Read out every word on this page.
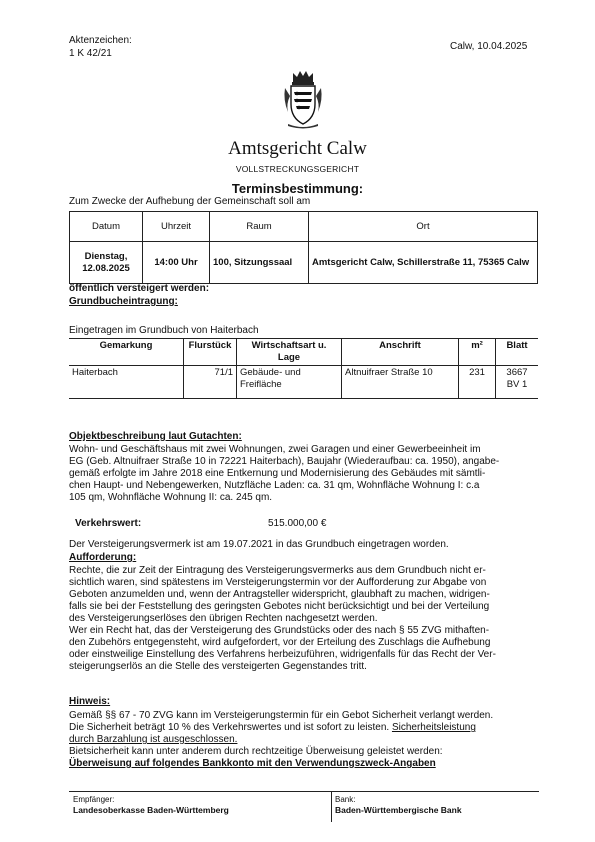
Aktenzeichen:
1 K 42/21
Calw, 10.04.2025
Amtsgericht Calw
VOLLSTRECKUNGSGERICHT
Terminsbestimmung:
Zum Zwecke der Aufhebung der Gemeinschaft soll am
Datum	Uhrzeit	Raum	Ort
Dienstag, 12.08.2025	14:00 Uhr	100, Sitzungssaal	Amtsgericht Calw, Schillerstraße 11, 75365 Calw
öffentlich versteigert werden:
Grundbucheintragung:
Eingetragen im Grundbuch von Haiterbach
Gemarkung	Flurstück	Wirtschaftsart u. Lage	Anschrift	m²	Blatt
Haiterbach	71/1	Gebäude- und Freifläche	Altnuifraer Straße 10	231	3667 BV 1
Objektbeschreibung laut Gutachten:
Wohn- und Geschäftshaus mit zwei Wohnungen, zwei Garagen und einer Gewerbeeinheit im
EG (Geb. Altnuifraer Straße 10 in 72221 Haiterbach), Baujahr (Wiederaufbau: ca. 1950), angabe-
gemäß erfolgte im Jahre 2018 eine Entkernung und Modernisierung des Gebäudes mit sämtli-
chen Haupt- und Nebengewerken, Nutzfläche Laden: ca. 31 qm, Wohnfläche Wohnung I: c.a
105 qm, Wohnfläche Wohnung II: ca. 245 qm.
Verkehrswert:	515.000,00 €
Der Versteigerungsvermerk ist am 19.07.2021 in das Grundbuch eingetragen worden.
Aufforderung:
Rechte, die zur Zeit der Eintragung des Versteigerungsvermerks aus dem Grundbuch nicht er-
sichtlich waren, sind spätestens im Versteigerungstermin vor der Aufforderung zur Abgabe von
Geboten anzumelden und, wenn der Antragsteller widerspricht, glaubhaft zu machen, widrigen-
falls sie bei der Feststellung des geringsten Gebotes nicht berücksichtigt und bei der Verteilung
des Versteigerungserlöses den übrigen Rechten nachgesetzt werden.
Wer ein Recht hat, das der Versteigerung des Grundstücks oder des nach § 55 ZVG mithaften-
den Zubehörs entgegensteht, wird aufgefordert, vor der Erteilung des Zuschlags die Aufhebung
oder einstweilige Einstellung des Verfahrens herbeizuführen, widrigenfalls für das Recht der Ver-
steigerungserlös an die Stelle des versteigerten Gegenstandes tritt.
Hinweis:
Gemäß §§ 67 - 70 ZVG kann im Versteigerungstermin für ein Gebot Sicherheit verlangt werden.
Die Sicherheit beträgt 10 % des Verkehrswertes und ist sofort zu leisten. Sicherheitsleistung
durch Barzahlung ist ausgeschlossen.
Bietsicherheit kann unter anderem durch rechtzeitige Überweisung geleistet werden:
Überweisung auf folgendes Bankkonto mit den Verwendungszweck-Angaben
Empfänger:
Landesoberkasse Baden-Württemberg
Bank:
Baden-Württembergische Bank
